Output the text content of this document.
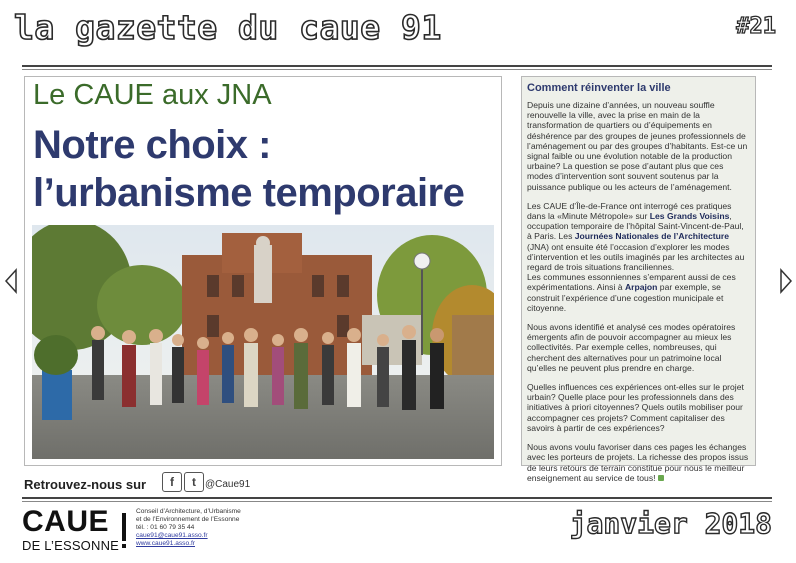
la gazette du caue 91	#21
Le CAUE aux JNA
Notre choix :
l’urbanisme temporaire
Comment réinventer la ville

Depuis une dizaine d’années, un nouveau souffle renouvelle la ville, avec la prise en main de la transformation de quartiers ou d’équipements en déshérence par des groupes de jeunes professionnels de l’aménagement ou par des groupes d’habitants. Est-ce un signal faible ou une évolution notable de la production urbaine? La question se pose d’autant plus que ces modes d’intervention sont souvent soutenus par la puissance publique ou les acteurs de l’aménagement.

Les CAUE d’Île-de-France ont interrogé ces pratiques dans la «Minute Métropole» sur Les Grands Voisins, occupation temporaire de l’hôpital Saint-Vincent-de-Paul, à Paris. Les Journées Nationales de l’Architecture (JNA) ont ensuite été l’occasion d’explorer les modes d’intervention et les outils imaginés par les architectes au regard de trois situations franciliennes.
Les communes essonniennes s’emparent aussi de ces expérimentations. Ainsi à Arpajon par exemple, se construit l’expérience d’une cogestion municipale et citoyenne.

Nous avons identifié et analysé ces modes opératoires émergents afin de pouvoir accompagner au mieux les collectivités. Par exemple celles, nombreuses, qui cherchent des alternatives pour un patrimoine local qu’elles ne peuvent plus prendre en charge.

Quelles influences ces expériences ont-elles sur le projet urbain? Quelle place pour les professionnels dans des initiatives à priori citoyennes? Quels outils mobiliser pour accompagner ces projets? Comment capitaliser des savoirs à partir de ces expériences?

Nous avons voulu favoriser dans ces pages les échanges avec les porteurs de projets. La richesse des propos issus de leurs retours de terrain constitue pour nous le meilleur enseignement au service de tous!

Retrouvez-nous sur	f	t @Caue91
CAUE
DE L’ESSONNE
Conseil d’Architecture, d’Urbanisme
et de l’Environnement de l’Essonne
tél. : 01 60 79 35 44
caue91@caue91.asso.fr
www.caue91.asso.fr
janvier 2018
